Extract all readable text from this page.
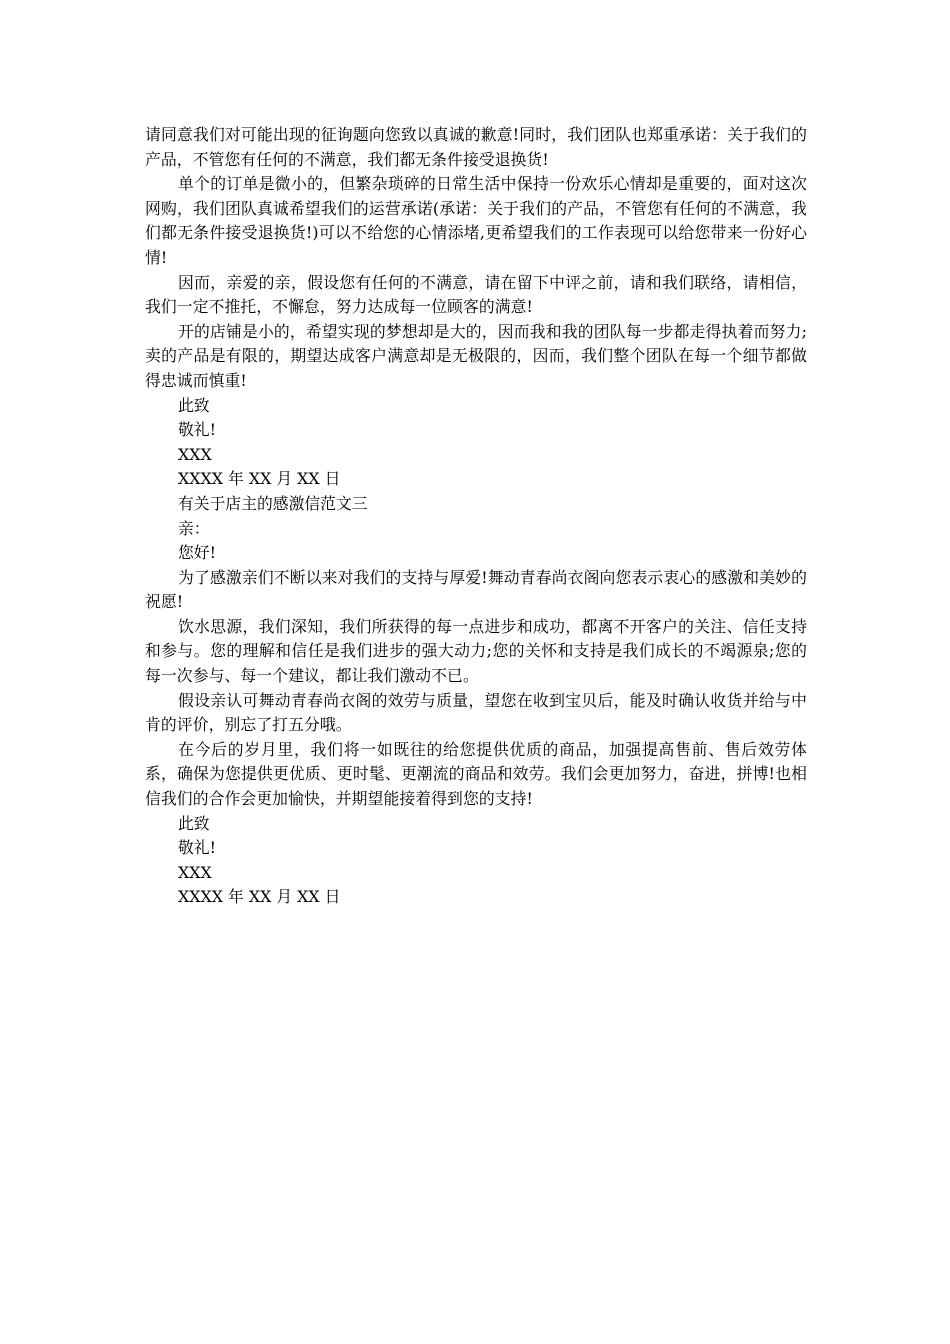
请同意我们对可能出现的征询题向您致以真诚的歉意!同时，我们团队也郑重承诺：关于我们的产品，不管您有任何的不满意，我们都无条件接受退换货!

单个的订单是微小的，但繁杂琐碎的日常生活中保持一份欢乐心情却是重要的，面对这次网购，我们团队真诚希望我们的运营承诺(承诺：关于我们的产品，不管您有任何的不满意，我们都无条件接受退换货!)可以不给您的心情添堵,更希望我们的工作表现可以给您带来一份好心情!

因而，亲爱的亲，假设您有任何的不满意，请在留下中评之前，请和我们联络，请相信，我们一定不推托，不懈怠，努力达成每一位顾客的满意!

开的店铺是小的，希望实现的梦想却是大的，因而我和我的团队每一步都走得执着而努力;卖的产品是有限的，期望达成客户满意却是无极限的，因而，我们整个团队在每一个细节都做得忠诚而慎重!

此致

敬礼!

XXX

XXXX 年 XX 月 XX 日

有关于店主的感激信范文三

亲：

您好!

为了感激亲们不断以来对我们的支持与厚爱!舞动青春尚衣阁向您表示衷心的感激和美妙的祝愿!

饮水思源，我们深知，我们所获得的每一点进步和成功，都离不开客户的关注、信任支持和参与。您的理解和信任是我们进步的强大动力;您的关怀和支持是我们成长的不竭源泉;您的每一次参与、每一个建议，都让我们激动不已。

假设亲认可舞动青春尚衣阁的效劳与质量，望您在收到宝贝后，能及时确认收货并给与中肯的评价，别忘了打五分哦。

在今后的岁月里，我们将一如既往的给您提供优质的商品，加强提高售前、售后效劳体系，确保为您提供更优质、更时髦、更潮流的商品和效劳。我们会更加努力，奋进，拼博!也相信我们的合作会更加愉快，并期望能接着得到您的支持!

此致

敬礼!

XXX

XXXX 年 XX 月 XX 日
